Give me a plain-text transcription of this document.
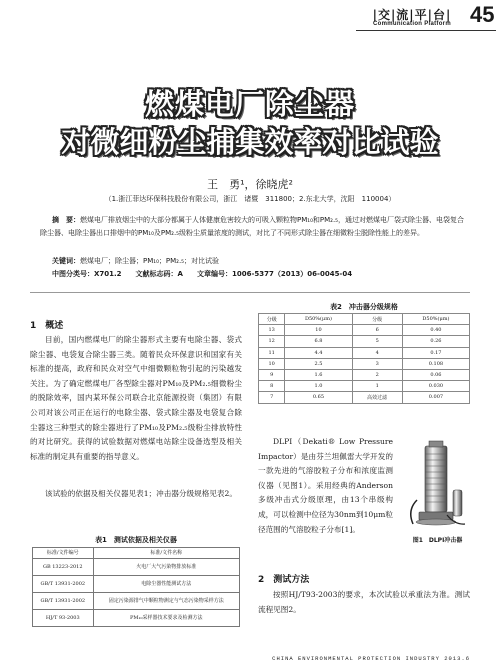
|交|流|平|台|
Communication Platform 45
燃煤电厂除尘器
对微细粉尘捕集效率对比试验
王　勇¹，徐晓虎²
（1.浙江菲达环保科技股份有限公司，浙江　诸暨　311800；2.东北大学，沈阳　110004）
摘　要：燃煤电厂排放烟尘中的大部分都属于人体健康危害较大的可吸入颗粒物PM₁₀和PM₂.₅，通过对燃煤电厂袋式除尘器、电袋复合除尘器、电除尘器出口排烟中的PM₁₀及PM₂.₅级粉尘质量浓度的测试，对比了不同形式除尘器在细微粉尘脱除性能上的差异。
关键词：燃煤电厂；除尘器；PM₁₀；PM₂.₅；对比试验
中图分类号：X701.2　　文献标志码：A　　文章编号：1006-5377（2013）06-0045-04
1　概述
目前，国内燃煤电厂的除尘器形式主要有电除尘器、袋式除尘器、电袋复合除尘器三类。随着民众环保意识和国家有关标准的提高，政府和民众对空气中细微颗粒物引起的污染越发关注。为了确定燃煤电厂各型除尘器对PM₁₀及PM₂.₅细微粉尘的脱除效率，国内某环保公司联合北京能源投资（集团）有限公司对该公司正在运行的电除尘器、袋式除尘器及电袋复合除尘器这三种型式的除尘器进行了PM₁₀及PM₂.₅级粉尘排放特性的对比研究。获得的试验数据对燃煤电站除尘设备选型及相关标准的制定具有重要的指导意义。
该试验的依据及相关仪器见表1；冲击器分级规格见表2。
表1　测试依据及相关仪器
标准/文件编号	标准/文件名称
GB 13223-2012	火电厂大气污染物排放标准
GB/T 13931-2002	电除尘器性能测试方法
GB/T 13931-2002	固定污染源排气中颗粒物测定与气态污染物采样方法
HJ/T 93-2003	PM₁₀采样器技术要求及检测方法
表2　冲击器分级规格
分级	D50%(μm)	分级	D50%(μm)
13	10	6	0.40
12	6.8	5	0.26
11	4.4	4	0.17
10	2.5	3	0.108
9	1.6	2	0.06
8	1.0	1	0.030
7	0.65	高效过滤	0.007
DLPI（Dekati® Low Pressure Impactor）是由芬兰坦佩雷大学开发的一款先进的气溶胶粒子分布和浓度监测仪器（见图1）。采用经典的Anderson多级冲击式分级原理，由13个串级构成，可以检测中位径为30nm到10μm粒径范围的气溶胶粒子分布[1]。
图1　DLPI冲击器
2　测试方法
按照HJ/T93-2003的要求，本次试验以承重法为准。测试流程见图2。
CHINA ENVIRONMENTAL PROTECTION INDUSTRY 2013.6
